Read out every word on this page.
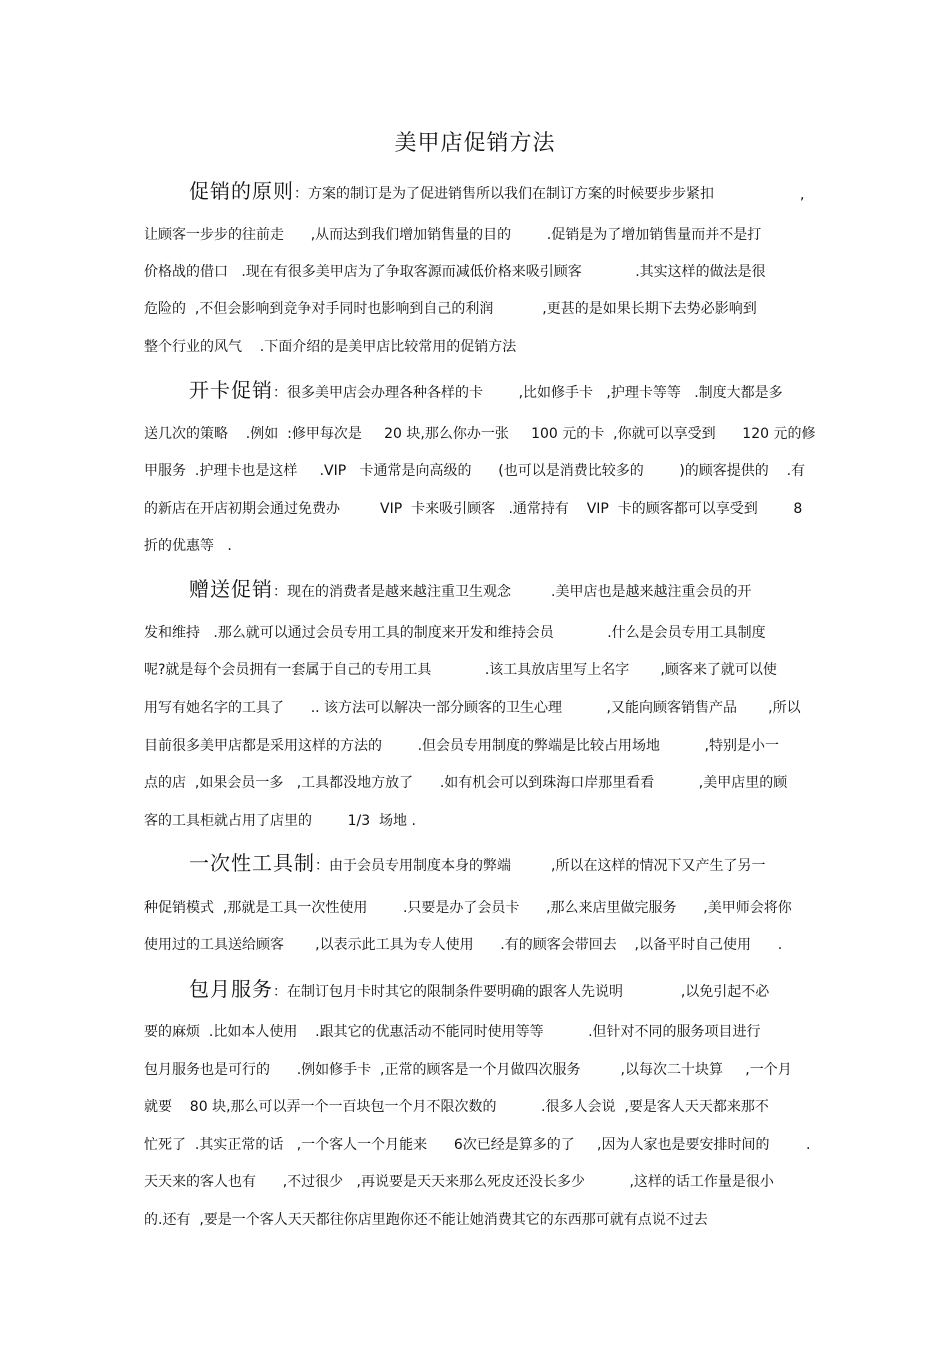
美甲店促销方法
促销的原则：方案的制订是为了促进销售所以我们在制订方案的时候要步步紧扣	,
让顾客一步步的往前走      ,从而达到我们增加销售量的目的        .促销是为了增加销售量而并不是打
价格战的借口   .现在有很多美甲店为了争取客源而减低价格来吸引顾客            .其实这样的做法是很
危险的  ,不但会影响到竞争对手同时也影响到自己的利润           ,更甚的是如果长期下去势必影响到
整个行业的风气    .下面介绍的是美甲店比较常用的促销方法
开卡促销：很多美甲店会办理各种各样的卡        ,比如修手卡   ,护理卡等等   .制度大都是多
送几次的策略    .例如  :修甲每次是     20 块,那么你办一张     100 元的卡  ,你就可以享受到      120 元的修
甲服务  .护理卡也是这样     .VIP   卡通常是向高级的      (也可以是消费比较多的        )的顾客提供的    .有
的新店在开店初期会通过免费办         VIP  卡来吸引顾客   .通常持有    VIP  卡的顾客都可以享受到        8
折的优惠等   .
赠送促销：现在的消费者是越来越注重卫生观念         .美甲店也是越来越注重会员的开
发和维持   .那么就可以通过会员专用工具的制度来开发和维持会员            .什么是会员专用工具制度
呢?就是每个会员拥有一套属于自己的专用工具            .该工具放店里写上名字       ,顾客来了就可以使
用写有她名字的工具了      .. 该方法可以解决一部分顾客的卫生心理          ,又能向顾客销售产品       ,所以
目前很多美甲店都是采用这样的方法的        .但会员专用制度的弊端是比较占用场地          ,特别是小一
点的店  ,如果会员一多   ,工具都没地方放了      .如有机会可以到珠海口岸那里看看          ,美甲店里的顾
客的工具柜就占用了店里的        1/3  场地 .
一次性工具制：由于会员专用制度本身的弊端         ,所以在这样的情况下又产生了另一
种促销模式  ,那就是工具一次性使用        .只要是办了会员卡      ,那么来店里做完服务      ,美甲师会将你
使用过的工具送给顾客       ,以表示此工具为专人使用      .有的顾客会带回去    ,以备平时自己使用      .
包月服务：在制订包月卡时其它的限制条件要明确的跟客人先说明             ,以免引起不必
要的麻烦  .比如本人使用    .跟其它的优惠活动不能同时使用等等          .但针对不同的服务项目进行
包月服务也是可行的      .例如修手卡  ,正常的顾客是一个月做四次服务         ,以每次二十块算     ,一个月
就要    80 块,那么可以弄一个一百块包一个月不限次数的          .很多人会说  ,要是客人天天都来那不
忙死了  .其实正常的话   ,一个客人一个月能来      6次已经是算多的了     ,因为人家也是要安排时间的	.
天天来的客人也有      ,不过很少   ,再说要是天天来那么死皮还没长多少          ,这样的话工作量是很小
的.还有  ,要是一个客人天天都往你店里跑你还不能让她消费其它的东西那可就有点说不过去
